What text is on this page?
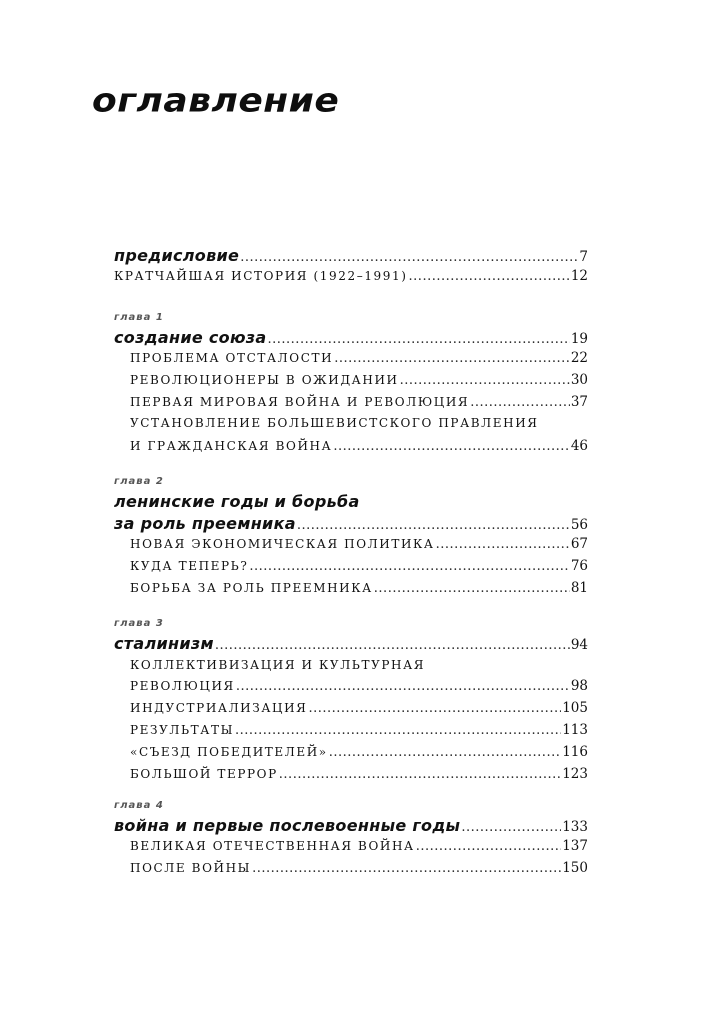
оглавление
предисловие .....	7
КРАТЧАЙШАЯ ИСТОРИЯ (1922–1991) .....	12
глава 1
создание союза .....	19
ПРОБЛЕМА ОТСТАЛОСТИ .....	22
РЕВОЛЮЦИОНЕРЫ В ОЖИДАНИИ .....	30
ПЕРВАЯ МИРОВАЯ ВОЙНА И РЕВОЛЮЦИЯ .....	37
УСТАНОВЛЕНИЕ БОЛЬШЕВИСТСКОГО ПРАВЛЕНИЯ
И ГРАЖДАНСКАЯ ВОЙНА .....	46
глава 2
ленинские годы и борьба
за роль преемника .....	56
НОВАЯ ЭКОНОМИЧЕСКАЯ ПОЛИТИКА .....	67
КУДА ТЕПЕРЬ? .....	76
БОРЬБА ЗА РОЛЬ ПРЕЕМНИКА .....	81
глава 3
сталинизм .....	94
КОЛЛЕКТИВИЗАЦИЯ И КУЛЬТУРНАЯ
РЕВОЛЮЦИЯ .....	98
ИНДУСТРИАЛИЗАЦИЯ .....	105
РЕЗУЛЬТАТЫ .....	113
«СЪЕЗД ПОБЕДИТЕЛЕЙ» .....	116
БОЛЬШОЙ ТЕРРОР .....	123
глава 4
война и первые послевоенные годы .....	133
ВЕЛИКАЯ ОТЕЧЕСТВЕННАЯ ВОЙНА .....	137
ПОСЛЕ ВОЙНЫ .....	150
